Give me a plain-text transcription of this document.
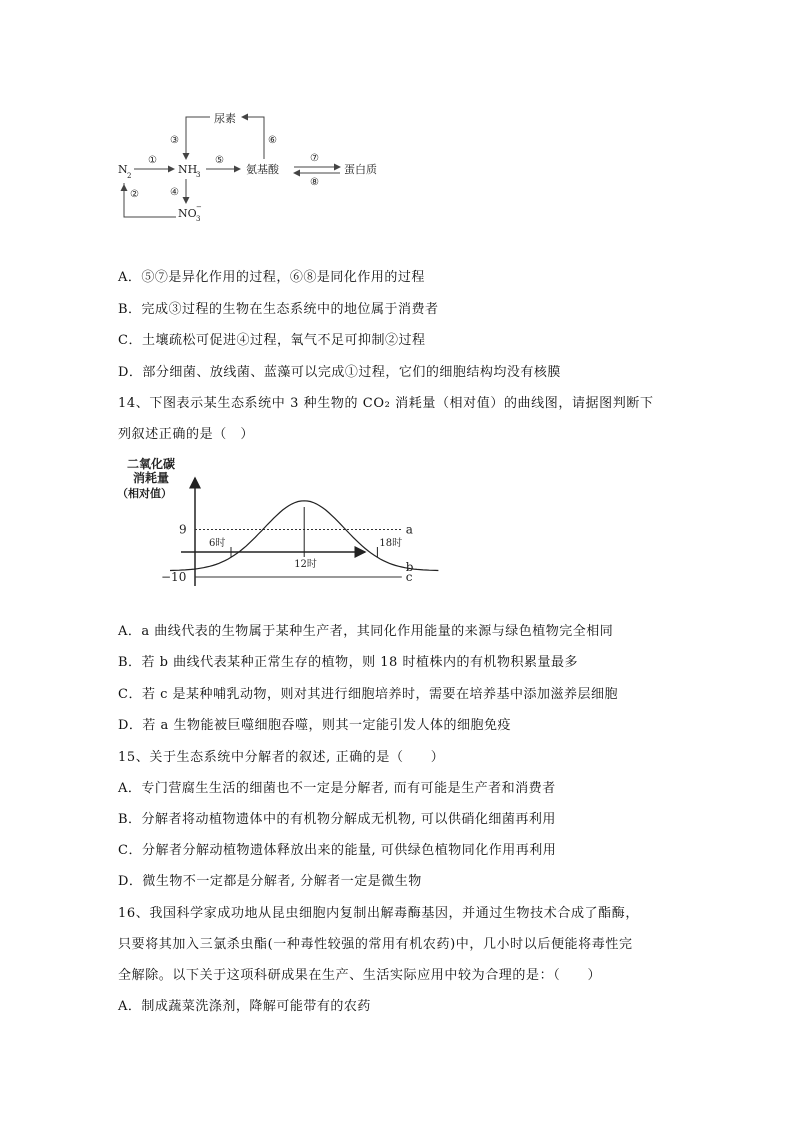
N 2	NH
3
NO 3
−
尿素
氨基酸	蛋白质
①
②
③
④
⑤
⑥
⑦
⑧
A．⑤⑦是异化作用的过程，⑥⑧是同化作用的过程
B．完成③过程的生物在生态系统中的地位属于消费者
C．土壤疏松可促进④过程，氧气不足可抑制②过程
D．部分细菌、放线菌、蓝藻可以完成①过程，它们的细胞结构均没有核膜
14、下图表示某生态系统中 3 种生物的 CO₂ 消耗量（相对值）的曲线图，请据图判断下
列叙述正确的是（　）
二氧化碳
消耗量
（相对值）
6时
12时
18时
9
−10
a
b
c
A．a 曲线代表的生物属于某种生产者，其同化作用能量的来源与绿色植物完全相同
B．若 b 曲线代表某种正常生存的植物，则 18 时植株内的有机物积累量最多
C．若 c 是某种哺乳动物，则对其进行细胞培养时，需要在培养基中添加滋养层细胞
D．若 a 生物能被巨噬细胞吞噬，则其一定能引发人体的细胞免疫
15、关于生态系统中分解者的叙述, 正确的是（　　）
A．专门营腐生生活的细菌也不一定是分解者, 而有可能是生产者和消费者
B．分解者将动植物遗体中的有机物分解成无机物, 可以供硝化细菌再利用
C．分解者分解动植物遗体释放出来的能量, 可供绿色植物同化作用再利用
D．微生物不一定都是分解者, 分解者一定是微生物
16、我国科学家成功地从昆虫细胞内复制出解毒酶基因，并通过生物技术合成了酯酶，
只要将其加入三氯杀虫酯(一种毒性较强的常用有机农药)中，几小时以后便能将毒性完
全解除。以下关于这项科研成果在生产、生活实际应用中较为合理的是：（　　）
A．制成蔬菜洗涤剂，降解可能带有的农药
